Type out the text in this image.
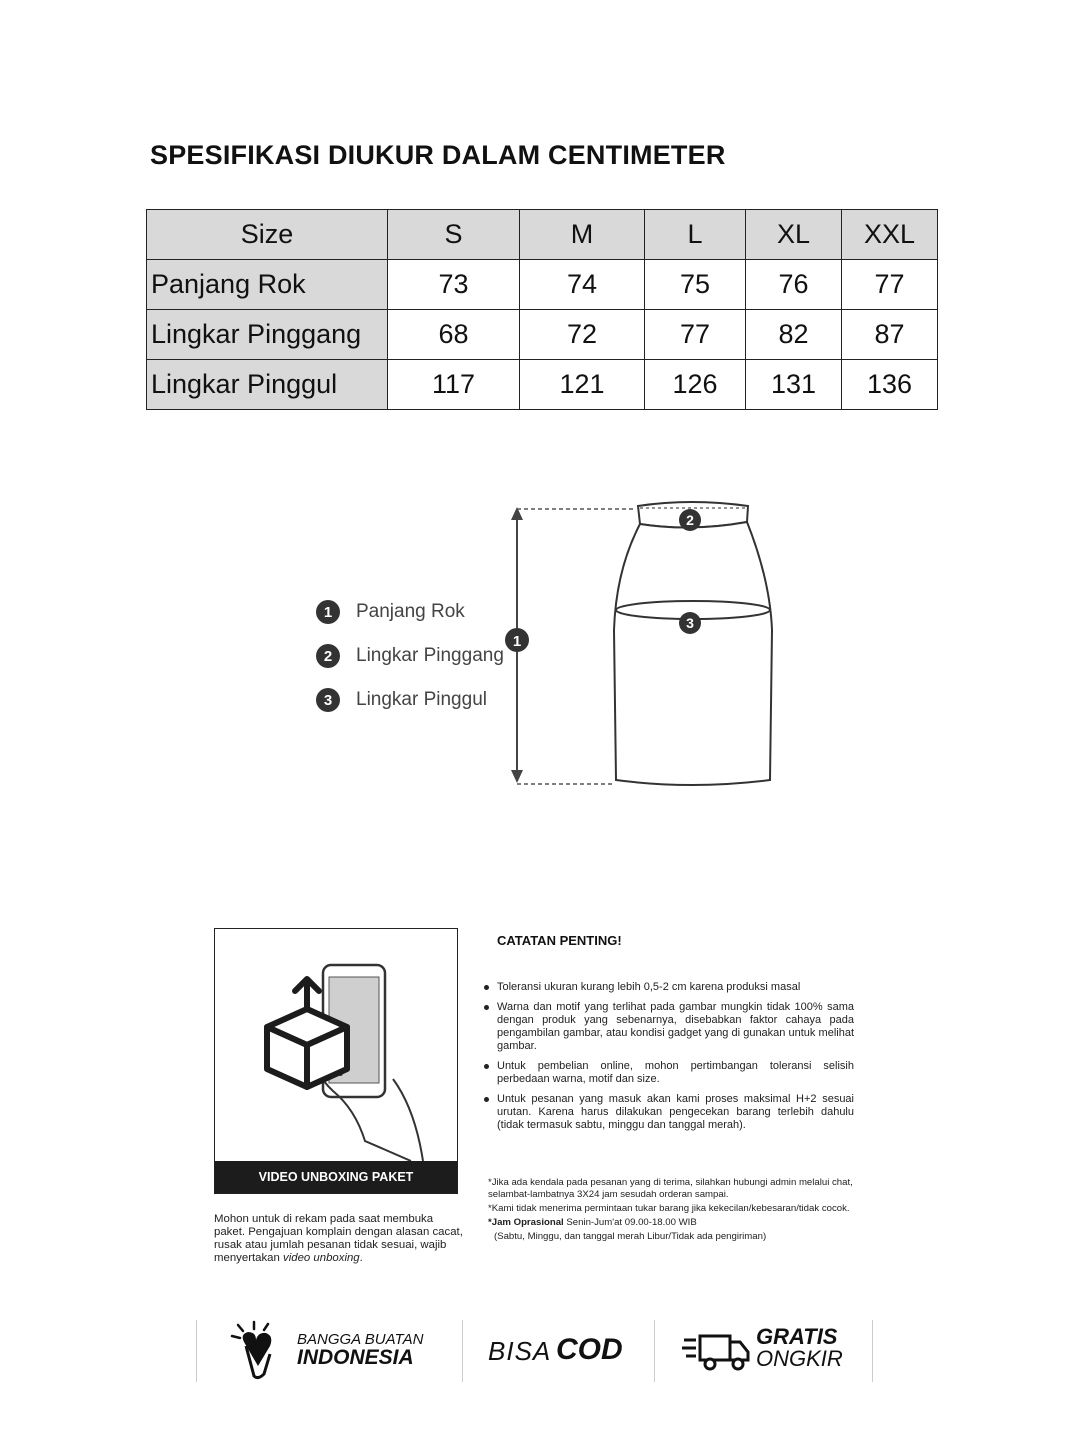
SPESIFIKASI DIUKUR DALAM CENTIMETER
Size	S	M	L	XL	XXL
Panjang Rok	73	74	75	76	77
Lingkar Pinggang	68	72	77	82	87
Lingkar Pinggul	117	121	126	131	136
1	Panjang Rok
2	Lingkar Pinggang
3	Lingkar Pinggul
1
2
3
VIDEO UNBOXING PAKET
Mohon untuk di rekam pada saat membuka paket. Pengajuan komplain dengan alasan cacat, rusak atau jumlah pesanan tidak sesuai, wajib menyertakan video unboxing.
CATATAN PENTING!
Toleransi ukuran kurang lebih 0,5-2 cm karena produksi masal
Warna dan motif yang terlihat pada gambar mungkin tidak 100% sama dengan produk yang sebenarnya, disebabkan faktor cahaya pada pengambilan gambar, atau kondisi gadget yang di gunakan untuk melihat gambar.
Untuk pembelian online, mohon pertimbangan toleransi selisih perbedaan warna, motif dan size.
Untuk pesanan yang masuk akan kami proses maksimal H+2 sesuai urutan. Karena harus dilakukan pengecekan barang terlebih dahulu (tidak termasuk sabtu, minggu dan tanggal merah).
*Jika ada kendala pada pesanan yang di terima, silahkan hubungi admin melalui chat, selambat-lambatnya 3X24 jam sesudah orderan sampai.
*Kami tidak menerima permintaan tukar barang jika kekecilan/kebesaran/tidak cocok.
*Jam Oprasional Senin-Jum'at 09.00-18.00 WIB
(Sabtu, Minggu, dan tanggal merah Libur/Tidak ada pengiriman)
BANGGA BUATAN
INDONESIA	BISA COD	GRATIS
ONGKIR
